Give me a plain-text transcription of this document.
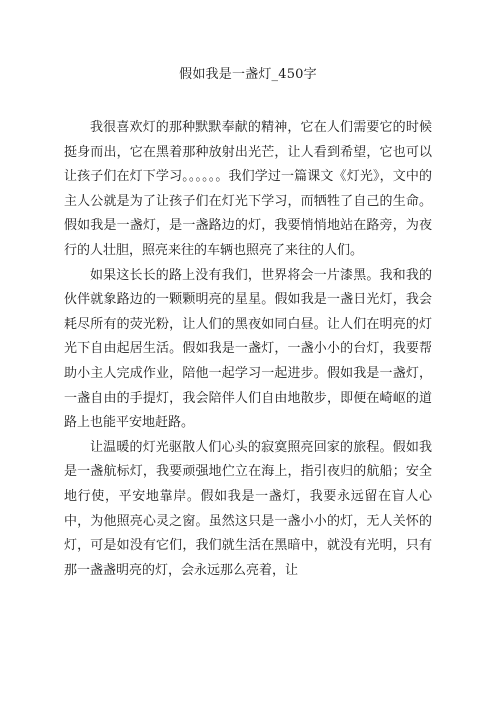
假如我是一盏灯_450字

我很喜欢灯的那种默默奉献的精神，它在人们需要它的时候挺身而出，它在黑着那种放射出光芒，让人看到希望，它也可以让孩子们在灯下学习。。。。。。我们学过一篇课文《灯光》，文中的主人公就是为了让孩子们在灯光下学习，而牺牲了自己的生命。假如我是一盏灯，是一盏路边的灯，我要悄悄地站在路旁，为夜行的人壮胆，照亮来往的车辆也照亮了来往的人们。

如果这长长的路上没有我们，世界将会一片漆黑。我和我的伙伴就象路边的一颗颗明亮的星星。假如我是一盏日光灯，我会耗尽所有的荧光粉，让人们的黑夜如同白昼。让人们在明亮的灯光下自由起居生活。假如我是一盏灯，一盏小小的台灯，我要帮助小主人完成作业，陪他一起学习一起进步。假如我是一盏灯，一盏自由的手提灯，我会陪伴人们自由地散步，即便在崎岖的道路上也能平安地赶路。

让温暖的灯光驱散人们心头的寂寞照亮回家的旅程。假如我是一盏航标灯，我要顽强地伫立在海上，指引夜归的航船；安全地行使，平安地靠岸。假如我是一盏灯，我要永远留在盲人心中，为他照亮心灵之窗。虽然这只是一盏小小的灯，无人关怀的灯，可是如没有它们，我们就生活在黑暗中，就没有光明，只有那一盏盏明亮的灯，会永远那么亮着，让
